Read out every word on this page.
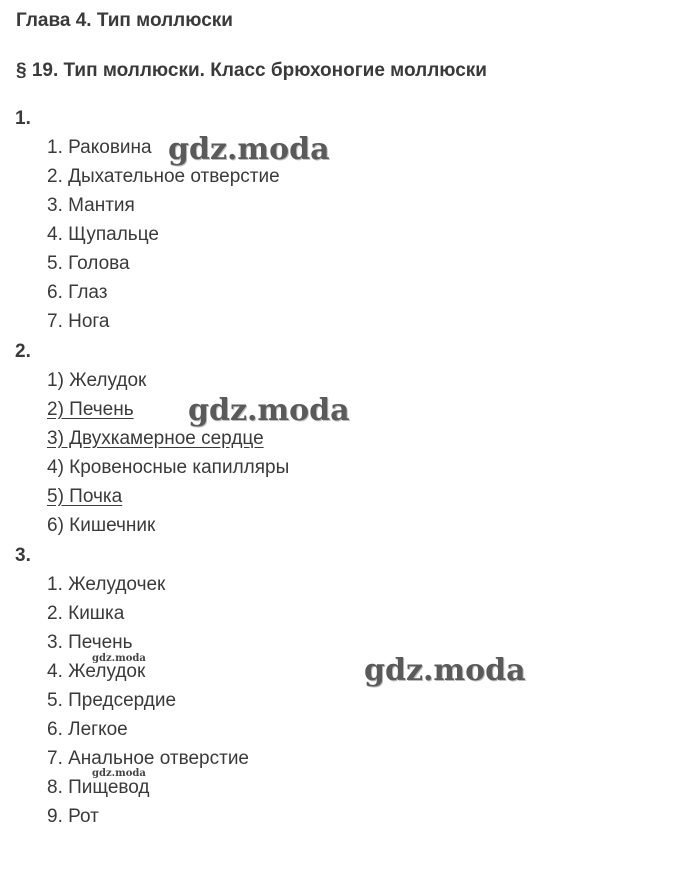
Глава 4. Тип моллюски
§ 19. Тип моллюски. Класс брюхоногие моллюски
1.
1. Раковина
2. Дыхательное отверстие
3. Мантия
4. Щупальце
5. Голова
6. Глаз
7. Нога
2.
1) Желудок
2) Печень
3) Двухкамерное сердце
4) Кровеносные капилляры
5) Почка
6) Кишечник
3.
1. Желудочек
2. Кишка
3. Печень
4. Желудок
5. Предсердие
6. Легкое
7. Анальное отверстие
8. Пищевод
9. Рот
gdz.moda
gdz.moda
gdz.moda
gdz.moda
gdz.moda
